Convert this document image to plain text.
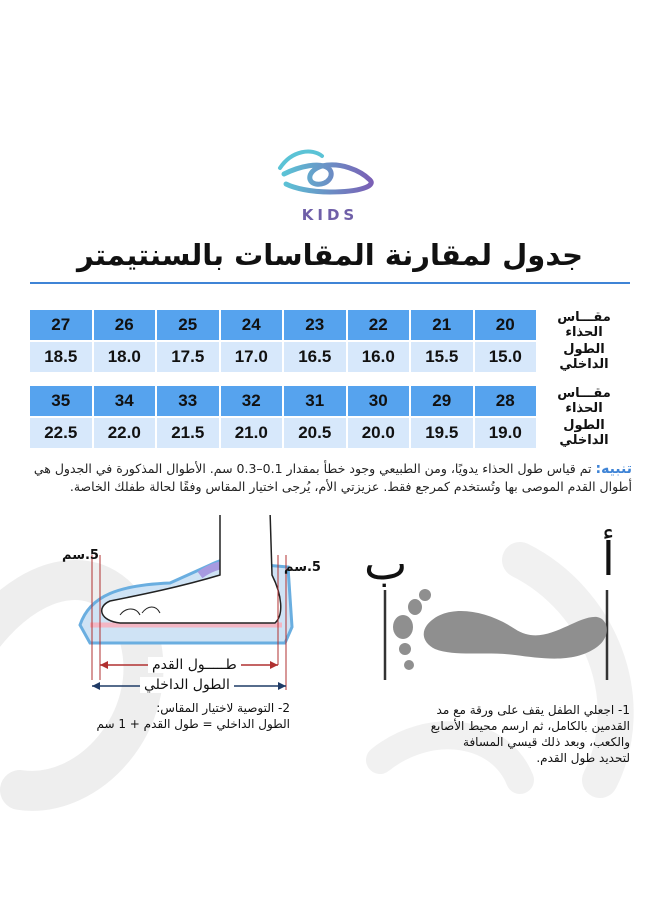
KIDS
جدول لمقارنة المقاسات بالسنتيمتر
مقـــاس الحذاء	20	21	22	23	24	25	26	27
الطول الداخلي	15.0	15.5	16.0	16.5	17.0	17.5	18.0	18.5
مقـــاس الحذاء	28	29	30	31	32	33	34	35
الطول الداخلي	19.0	19.5	20.0	20.5	21.0	21.5	22.0	22.5
تنبيه: تم قياس طول الحذاء يدويًا، ومن الطبيعي وجود خطأ بمقدار 0.1–0.3 سم. الأطوال المذكورة في الجدول هي أطوال القدم الموصى بها وتُستخدم كمرجع فقط. عزيزتي الأم، يُرجى اختيار المقاس وفقًا لحالة طفلك الخاصة.
5.سم
5.سم
طـــــول القدم
الطول الداخلي
2- التوصية لاختيار المقاس:
الطول الداخلي = طول القدم + 1 سم
ب	أ
1- اجعلي الطفل يقف على ورقة مع مد
القدمين بالكامل، ثم ارسم محيط الأصابع
والكعب، وبعد ذلك قيسي المسافة
لتحديد طول القدم.
